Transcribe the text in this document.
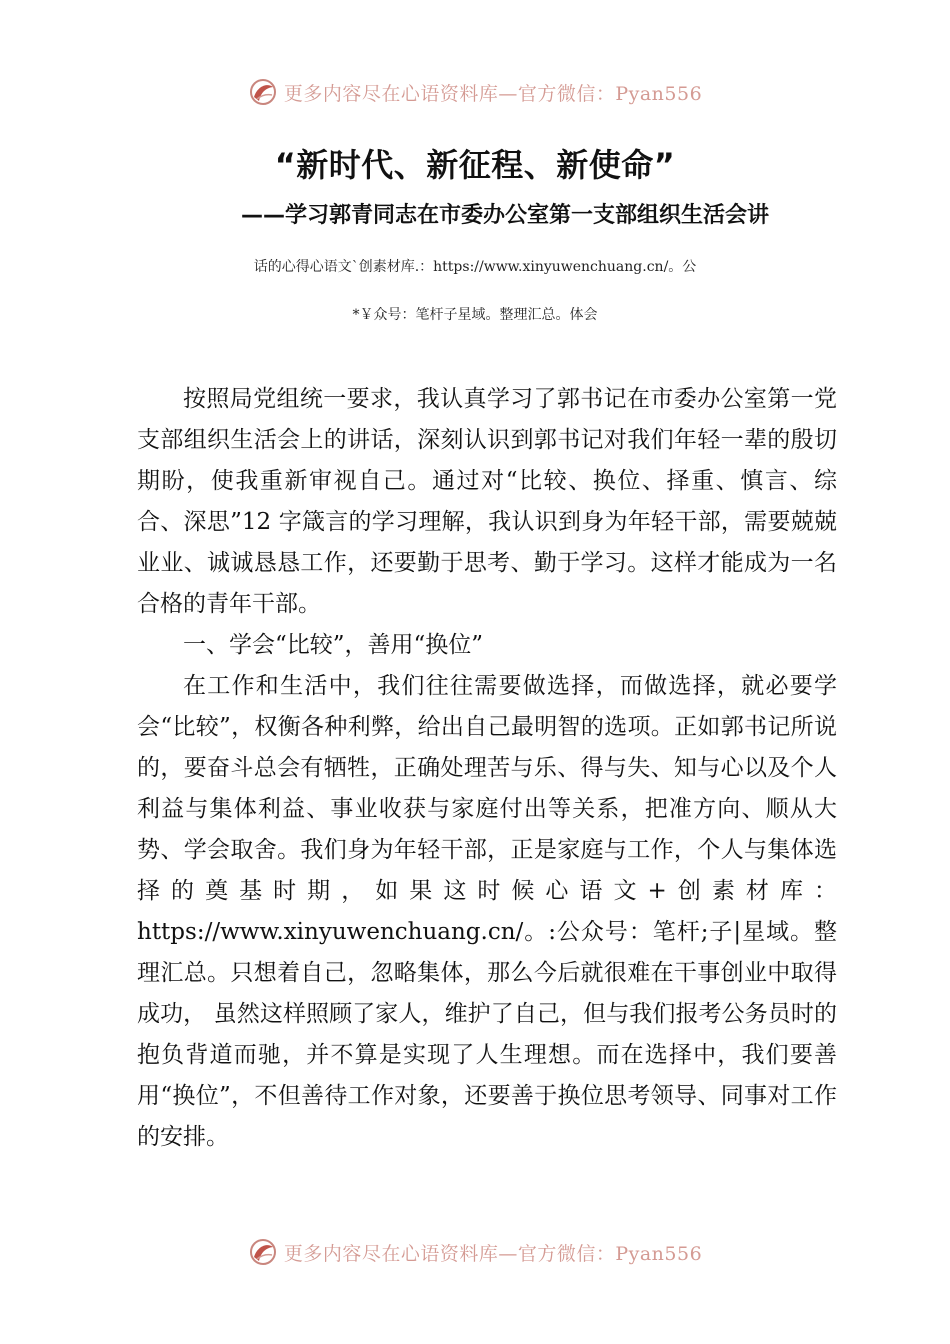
更多内容尽在心语资料库—官方微信：Pyan556
“新时代、新征程、新使命”
——学习郭青同志在市委办公室第一支部组织生活会讲
话的心得心语文`创素材库.：https://www.xinyuwenchuang.cn/。公
*￥众号：笔杆子星域。整理汇总。体会

按照局党组统一要求，我认真学习了郭书记在市委办公室第一党支部组织生活会上的讲话，深刻认识到郭书记对我们年轻一辈的殷切期盼，使我重新审视自己。通过对“比较、换位、择重、慎言、综合、深思”12 字箴言的学习理解，我认识到身为年轻干部，需要兢兢业业、诚诚恳恳工作，还要勤于思考、勤于学习。这样才能成为一名合格的青年干部。

一、学会“比较”，善用“换位”

在工作和生活中，我们往往需要做选择，而做选择，就必要学会“比较”，权衡各种利弊，给出自己最明智的选项。正如郭书记所说的，要奋斗总会有牺牲，正确处理苦与乐、得与失、知与心以及个人利益与集体利益、事业收获与家庭付出等关系，把准方向、顺从大势、学会取舍。我们身为年轻干部，正是家庭与工作，个人与集体选择的奠基时期，如果这时候心语文+创素材库：https://www.xinyuwenchuang.cn/。:公众号：笔杆;子|星域。整理汇总。只想着自己，忽略集体，那么今后就很难在干事创业中取得成功， 虽然这样照顾了家人，维护了自己，但与我们报考公务员时的抱负背道而驰，并不算是实现了人生理想。而在选择中，我们要善用“换位”，不但善待工作对象，还要善于换位思考领导、同事对工作的安排。

更多内容尽在心语资料库—官方微信：Pyan556
